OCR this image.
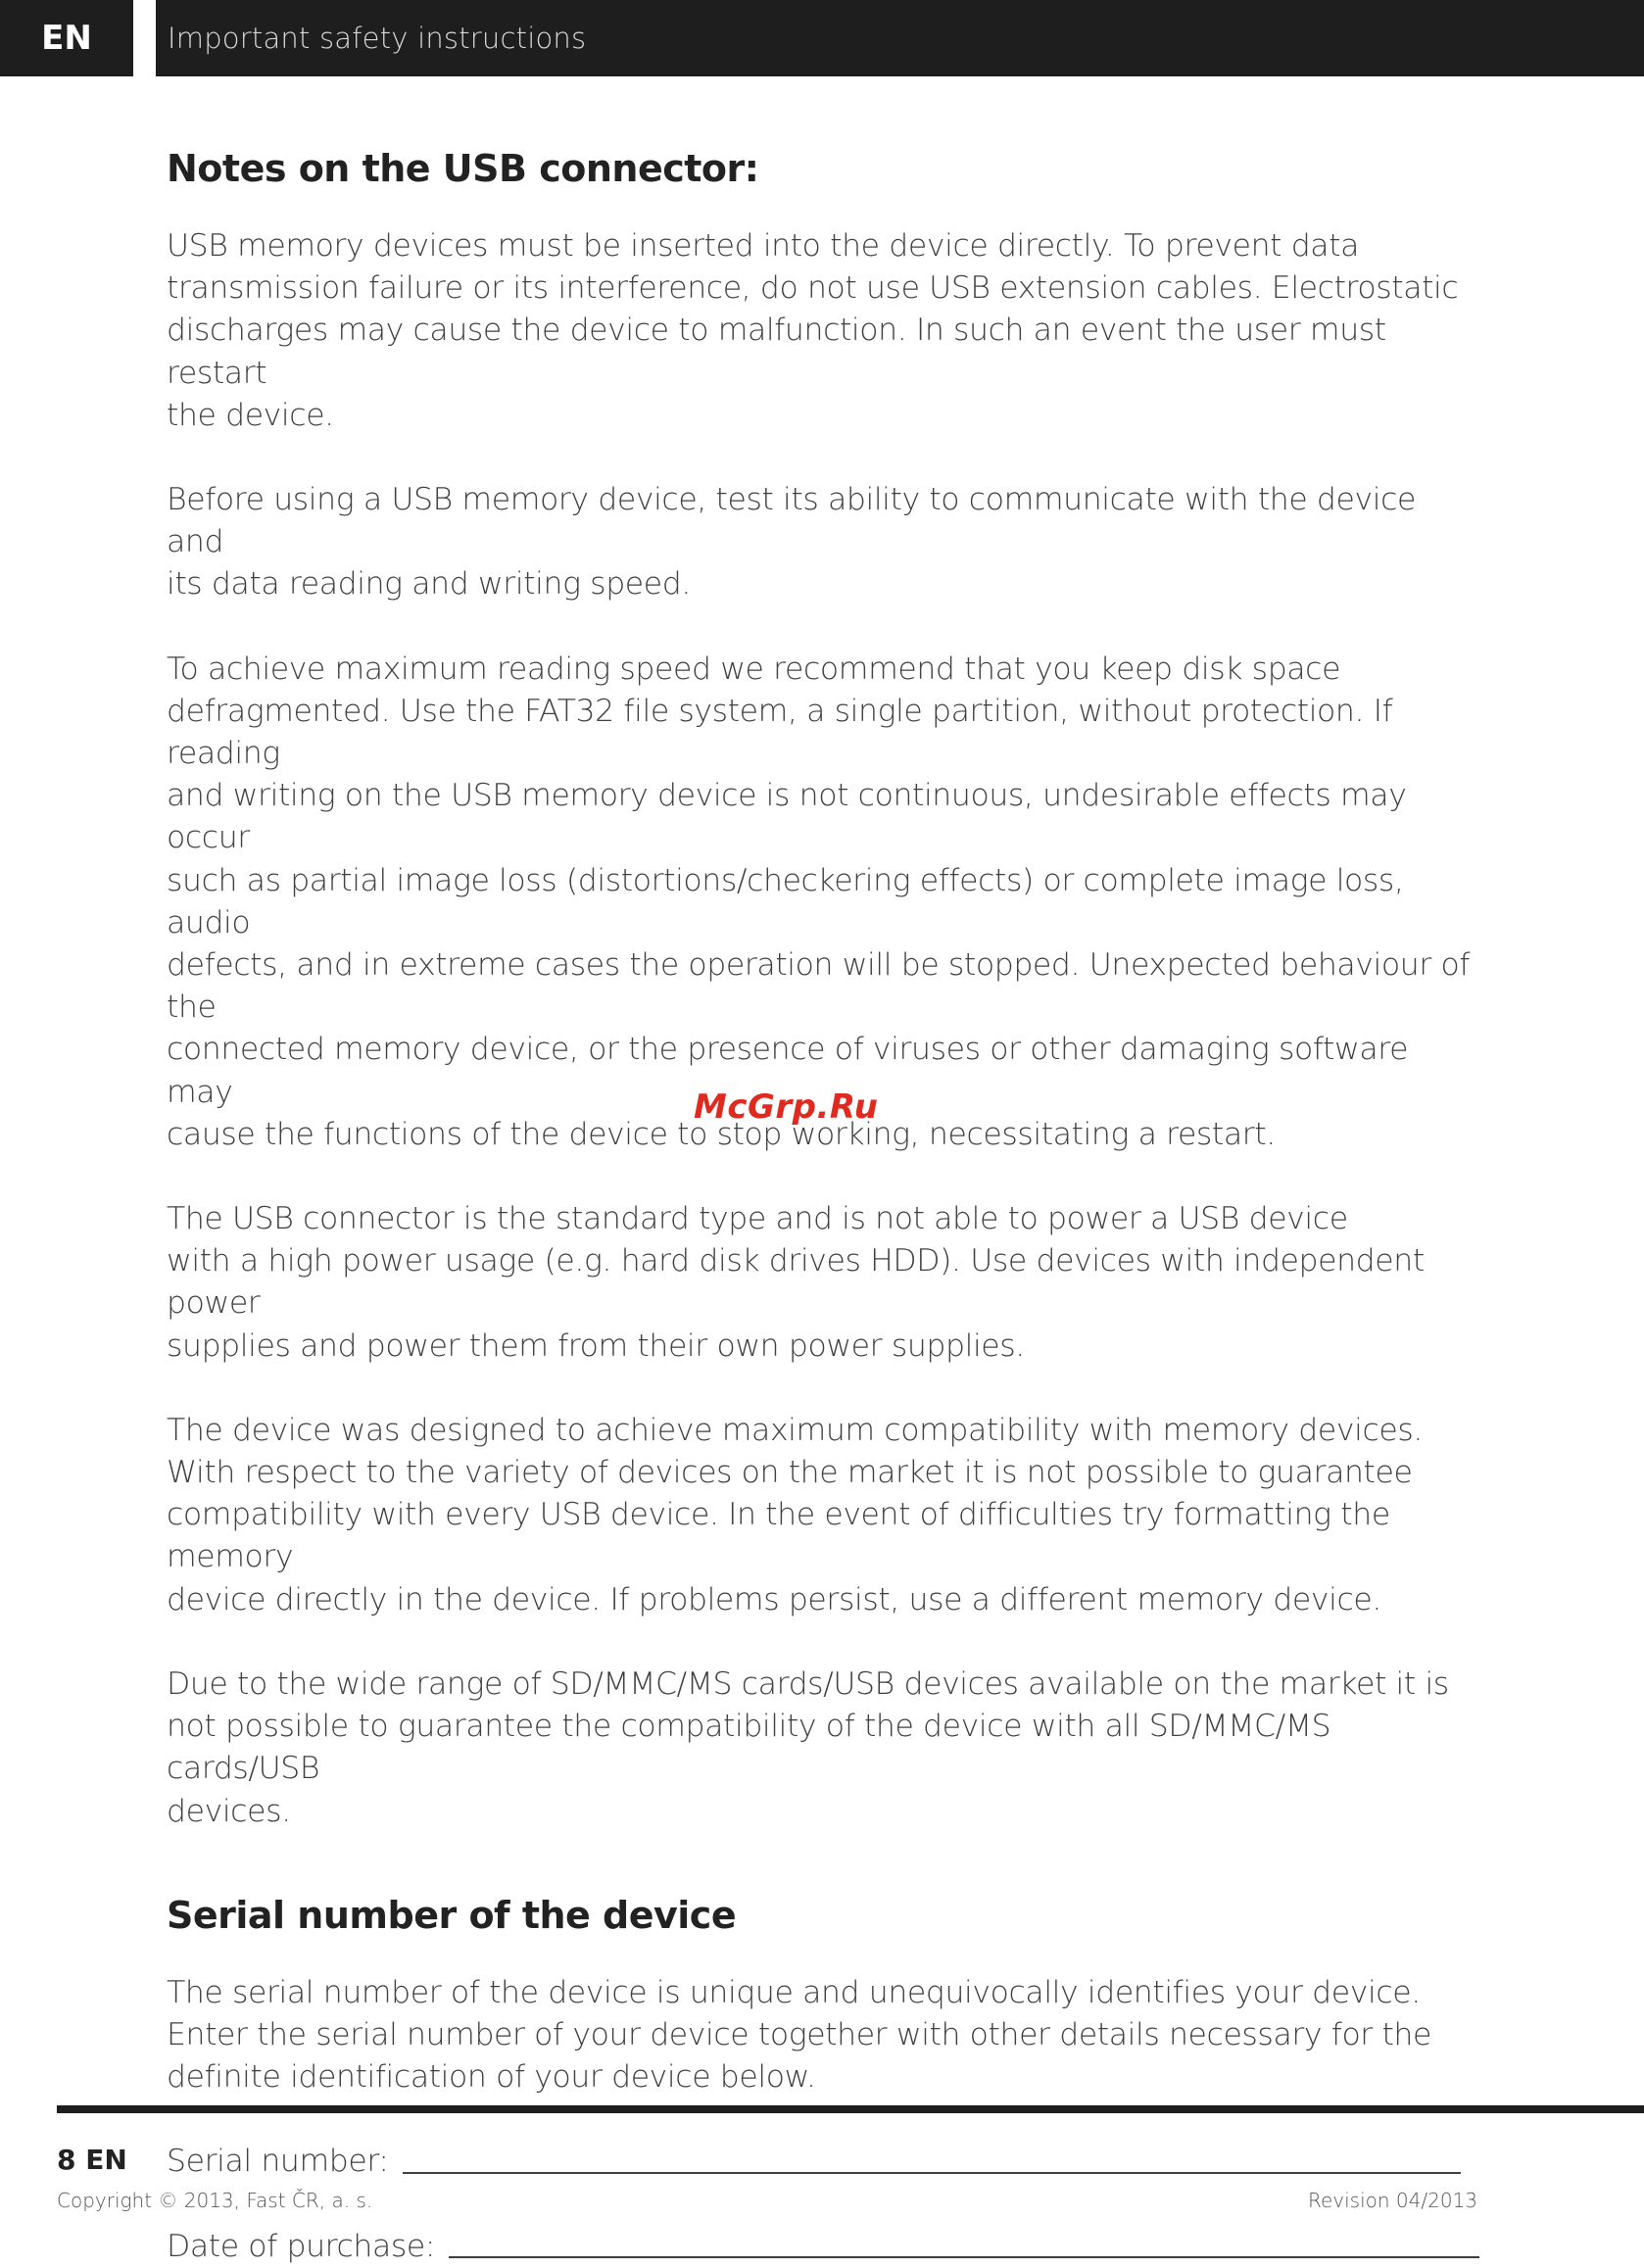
EN	Important safety instructions
Notes on the USB connector:

USB memory devices must be inserted into the device directly. To prevent data
transmission failure or its interference, do not use USB extension cables. Electrostatic
discharges may cause the device to malfunction. In such an event the user must restart
the device.

Before using a USB memory device, test its ability to communicate with the device and
its data reading and writing speed.

To achieve maximum reading speed we recommend that you keep disk space
defragmented. Use the FAT32 file system, a single partition, without protection. If reading
and writing on the USB memory device is not continuous, undesirable effects may occur
such as partial image loss (distortions/checkering effects) or complete image loss, audio
defects, and in extreme cases the operation will be stopped. Unexpected behaviour of the
connected memory device, or the presence of viruses or other damaging software may
cause the functions of the device to stop working, necessitating a restart.

The USB connector is the standard type and is not able to power a USB device
with a high power usage (e.g. hard disk drives HDD). Use devices with independent power
supplies and power them from their own power supplies.

The device was designed to achieve maximum compatibility with memory devices.
With respect to the variety of devices on the market it is not possible to guarantee
compatibility with every USB device. In the event of difficulties try formatting the memory
device directly in the device. If problems persist, use a different memory device.

Due to the wide range of SD/MMC/MS cards/USB devices available on the market it is
not possible to guarantee the compatibility of the device with all SD/MMC/MS cards/USB
devices.

Serial number of the device

The serial number of the device is unique and unequivocally identifies your device.
Enter the serial number of your device together with other details necessary for the
definite identification of your device below.

Serial number:
Date of purchase:
McGrp.Ru
8 EN
Copyright © 2013, Fast ČR, a. s.	Revision 04/2013
